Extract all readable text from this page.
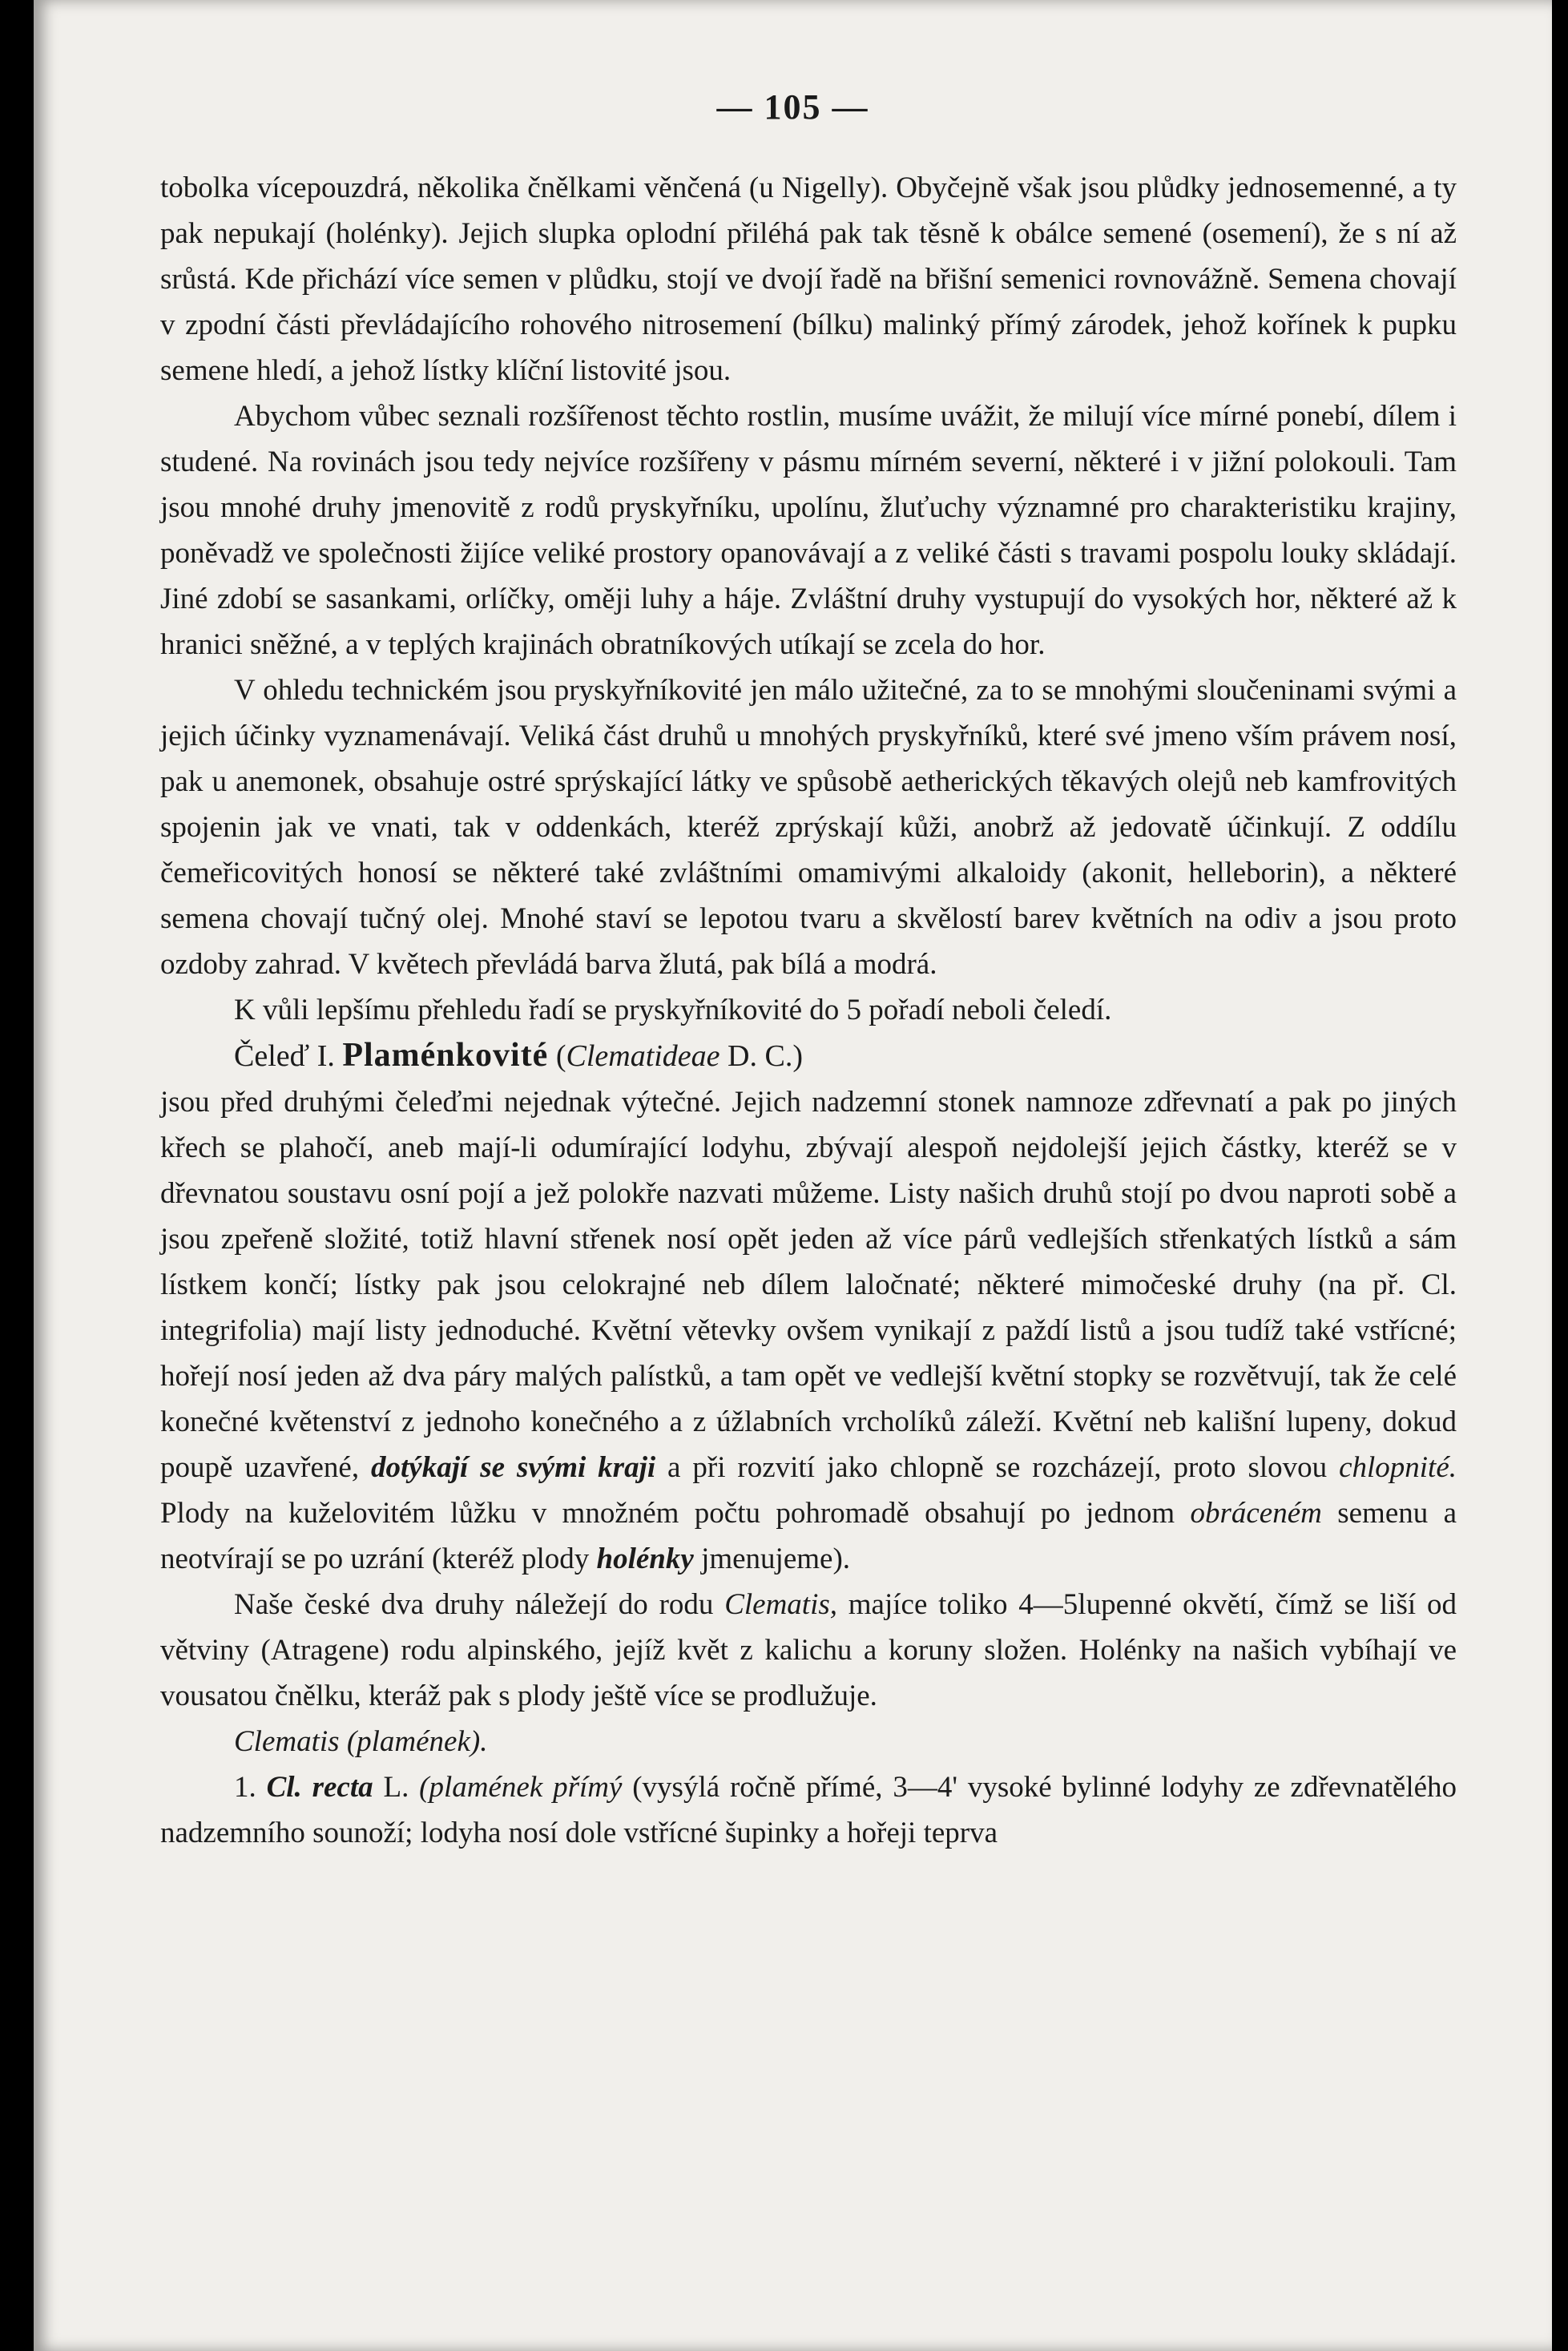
— 105 —

tobolka vícepouzdrá, několika čnělkami věnčená (u Nigelly). Obyčejně však jsou plůdky jednosemenné, a ty pak nepukají (holénky). Jejich slupka oplodní přiléhá pak tak těsně k obálce semené (osemení), že s ní až srůstá. Kde přichází více semen v plůdku, stojí ve dvojí řadě na břišní semenici rovnovážně. Semena chovají v zpodní části převládajícího rohového nitrosemení (bílku) malinký přímý zárodek, jehož kořínek k pupku semene hledí, a jehož lístky klíční listovité jsou.

Abychom vůbec seznali rozšířenost těchto rostlin, musíme uvážit, že milují více mírné ponebí, dílem i studené. Na rovinách jsou tedy nejvíce rozšířeny v pásmu mírném severní, některé i v jižní polokouli. Tam jsou mnohé druhy jmenovitě z rodů pryskyřníku, upolínu, žluťuchy významné pro charakteristiku krajiny, poněvadž ve společnosti žijíce veliké prostory opanovávají a z veliké části s travami pospolu louky skládají. Jiné zdobí se sasankami, orlíčky, oměji luhy a háje. Zvláštní druhy vystupují do vysokých hor, některé až k hranici sněžné, a v teplých krajinách obratníkových utíkají se zcela do hor.

V ohledu technickém jsou pryskyřníkovité jen málo užitečné, za to se mnohými sloučeninami svými a jejich účinky vyznamenávají. Veliká část druhů u mnohých pryskyřníků, které své jmeno vším právem nosí, pak u anemonek, obsahuje ostré sprýskající látky ve spůsobě aetherických těkavých olejů neb kamfrovitých spojenin jak ve vnati, tak v oddenkách, kteréž zprýskají kůži, anobrž až jedovatě účinkují. Z oddílu čemeřicovitých honosí se některé také zvláštními omamivými alkaloidy (akonit, helleborin), a některé semena chovají tučný olej. Mnohé staví se lepotou tvaru a skvělostí barev květních na odiv a jsou proto ozdoby zahrad. V květech převládá barva žlutá, pak bílá a modrá.

K vůli lepšímu přehledu řadí se pryskyřníkovité do 5 pořadí neboli čeledí.

Čeleď I. Plaménkovité (Clematideae D. C.)

jsou před druhými čeleďmi nejednak výtečné. Jejich nadzemní stonek namnoze zdřevnatí a pak po jiných křech se plahočí, aneb mají-li odumírající lodyhu, zbývají alespoň nejdolejší jejich částky, kteréž se v dřevnatou soustavu osní pojí a jež polokře nazvati můžeme. Listy našich druhů stojí po dvou naproti sobě a jsou zpeřeně složité, totiž hlavní střenek nosí opět jeden až více párů vedlejších střenkatých lístků a sám lístkem končí; lístky pak jsou celokrajné neb dílem laločnaté; některé mimočeské druhy (na př. Cl. integrifolia) mají listy jednoduché. Květní větevky ovšem vynikají z paždí listů a jsou tudíž také vstřícné; hořejí nosí jeden až dva páry malých palístků, a tam opět ve vedlejší květní stopky se rozvětvují, tak že celé konečné květenství z jednoho konečného a z úžlabních vrcholíků záleží. Květní neb kališní lupeny, dokud poupě uzavřené, dotýkají se svými kraji a při rozvití jako chlopně se rozcházejí, proto slovou chlopnité. Plody na kuželovitém lůžku v množném počtu pohromadě obsahují po jednom obráceném semenu a neotvírají se po uzrání (kteréž plody holénky jmenujeme).

Naše české dva druhy náležejí do rodu Clematis, majíce toliko 4—5lupenné okvětí, čímž se liší od větviny (Atragene) rodu alpinského, jejíž květ z kalichu a koruny složen. Holénky na našich vybíhají ve vousatou čnělku, kteráž pak s plody ještě více se prodlužuje.

Clematis (plamének).

1. Cl. recta L. (plamének přímý (vysýlá ročně přímé, 3—4' vysoké bylinné lodyhy ze zdřevnatělého nadzemního sounoží; lodyha nosí dole vstřícné šupinky a hořeji teprva
